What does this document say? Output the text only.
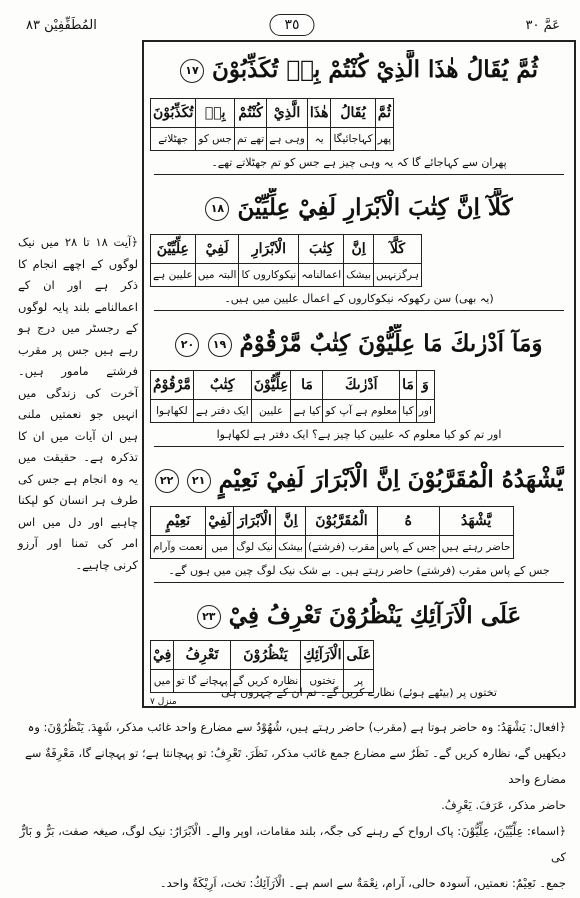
عَمَّ ٣٠
٣٥
المُطَفِّفِيْن ٨٣
﴿آیت ۱۸ تا ۲۸ میں نیک لوگوں کے اچھے انجام کا ذکر ہے اور ان کے اعمالنامے بلند پایہ لوگوں کے رجسٹر میں درج ہو رہے ہیں جس پر مقرب فرشتے مامور ہیں۔ آخرت کی زندگی میں انہیں جو نعمتیں ملنی ہیں ان آیات میں ان کا تذکرہ ہے۔ حقیقت میں یہ وہ انجام ہے جس کی طرف ہر انسان کو لپکنا چاہیے اور دل میں اس امر کی تمنا اور آرزو کرنی چاہیے۔
ثُمَّ يُقَالُ هٰذَا الَّذِيْ كُنْتُمْ بِهٖ تُكَذِّبُوْنَ ١٧
ثُمَّ	يُقَالُ	هٰذَا	الَّذِيْ	كُنْتُمْ	بِهٖ	تُكَذِّبُوْنَ
پھر	کہاجائیگا	یہ	وہی ہے	تھے تم	جس کو	جھٹلاتے
پھران سے کہاجائے گا کہ یہ وہی چیز ہے جس کو تم جھٹلاتے تھے۔
كَلَّآ اِنَّ كِتٰبَ الْاَبْرَارِ لَفِيْ عِلِّيِّيْنَ ١٨
كَلَّآ	اِنَّ	كِتٰبَ	الْاَبْرَارِ	لَفِيْ	عِلِّيِّيْنَ
ہرگزنہیں	بیشک	اعمالنامہ	نیکوکاروں کا	البتہ میں	علیین ہے
(یہ بھی) سن رکھوکہ نیکوکاروں کے اعمال علیین میں ہیں۔
وَمَآ اَدْرٰىكَ مَا عِلِّيُّوْنَ كِتٰبٌ مَّرْقُوْمٌ ١٩ ٢٠
وَ	مَا	اَدْرٰىكَ	مَا	عِلِّيُّوْنَ	كِتٰبٌ	مَّرْقُوْمٌ
اور	کیا	معلوم ہے آپ کو	کیا ہے	علیین	ایک دفتر ہے	لکھاہوا
اور تم کو کیا معلوم کہ علیین کیا چیز ہے؟ ایک دفتر ہے لکھاہوا
يَّشْهَدُهُ الْمُقَرَّبُوْنَ اِنَّ الْاَبْرَارَ لَفِيْ نَعِيْمٍ ٢١ ٢٢
يَّشْهَدُ	هُ	الْمُقَرَّبُوْنَ	اِنَّ	الْاَبْرَارَ	لَفِيْ	نَعِيْمٍ
حاضر رہتے ہیں	جس کے پاس	مقرب (فرشتے)	بیشک	نیک لوگ	میں	نعمت وآرام
جس کے پاس مقرب (فرشتے) حاضر رہتے ہیں۔ بے شک نیک لوگ چین میں ہوں گے۔
عَلَى الْاَرَآئِكِ يَنْظُرُوْنَ تَعْرِفُ فِيْ ٢٣
عَلَى	الْاَرَآئِكِ	يَنْظُرُوْنَ	تَعْرِفُ	فِيْ
پر	تختوں	نظارہ کریں گے	پہچانے گا تو	میں
تختوں پر (بیٹھے ہوئے) نظارے کریں گے۔ تم ان کے چہروں ہی
منزل ۷

﴿افعال: يَشْهَدُ: وہ حاضر ہوتا ہے (مقرب) حاضر رہتے ہیں، شُهُوْدٌ سے مضارع واحد غائب مذکر، شَهِدَ. يَنْظُرُوْنَ: وہ

دیکھیں گے، نظارہ کریں گے۔ نَظَرٌ سے مضارع جمع غائب مذکر، نَظَرَ. تَعْرِفُ: تو پہچانتا ہے؛ تو پہچانے گا، مَعْرِفَةٌ سے مضارع واحد

حاضر مذکر، عَرَفَ. يَعْرِفُ.

﴿اسماء: عِلِّيِّيْنَ، عِلِّيُّوْنَ: پاک ارواح کے رہنے کی جگہ، بلند مقامات، اوپر والے۔ الْاَبْرَارُ: نیک لوگ، صیغہ صفت، بَرٌّ و بَارٌّ کی

جمع۔ نَعِيْمٌ: نعمتیں، آسودہ حالی، آرام، نِعْمَةٌ سے اسم ہے۔ الْاَرَآئِكُ: تخت، اَرِيْكَةٌ واحد۔
